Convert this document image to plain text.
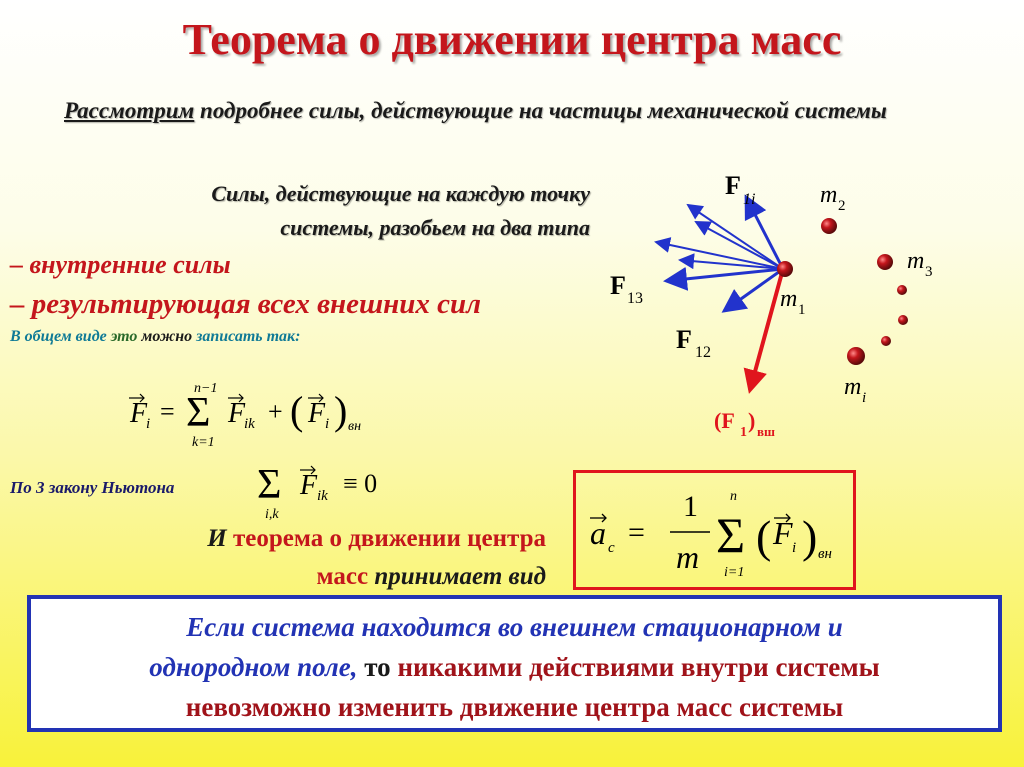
Теорема о движении центра масс
Рассмотрим подробнее силы, действующие на частицы механической системы
Силы, действующие на каждую точку
системы, разобьем на два типа
– внутренние силы
– результирующая всех внешних сил
В общем виде это можно записать так:
F
i =
n−1
Σ
k=1
F
ik + ( F i ) вн
По 3 закону Ньютона Σ
i,k
F ik ≡ 0
И теорема о движении центра
масс принимает вид
a c =
1
m
n
Σ
i=1
( F i ) вн
F 1i
F 13
F 12
m 1
m 2
m 3
m i
(F 1 ) вш
Если система находится во внешнем стационарном и
однородном поле, то никакими действиями внутри системы
невозможно изменить движение центра масс системы
